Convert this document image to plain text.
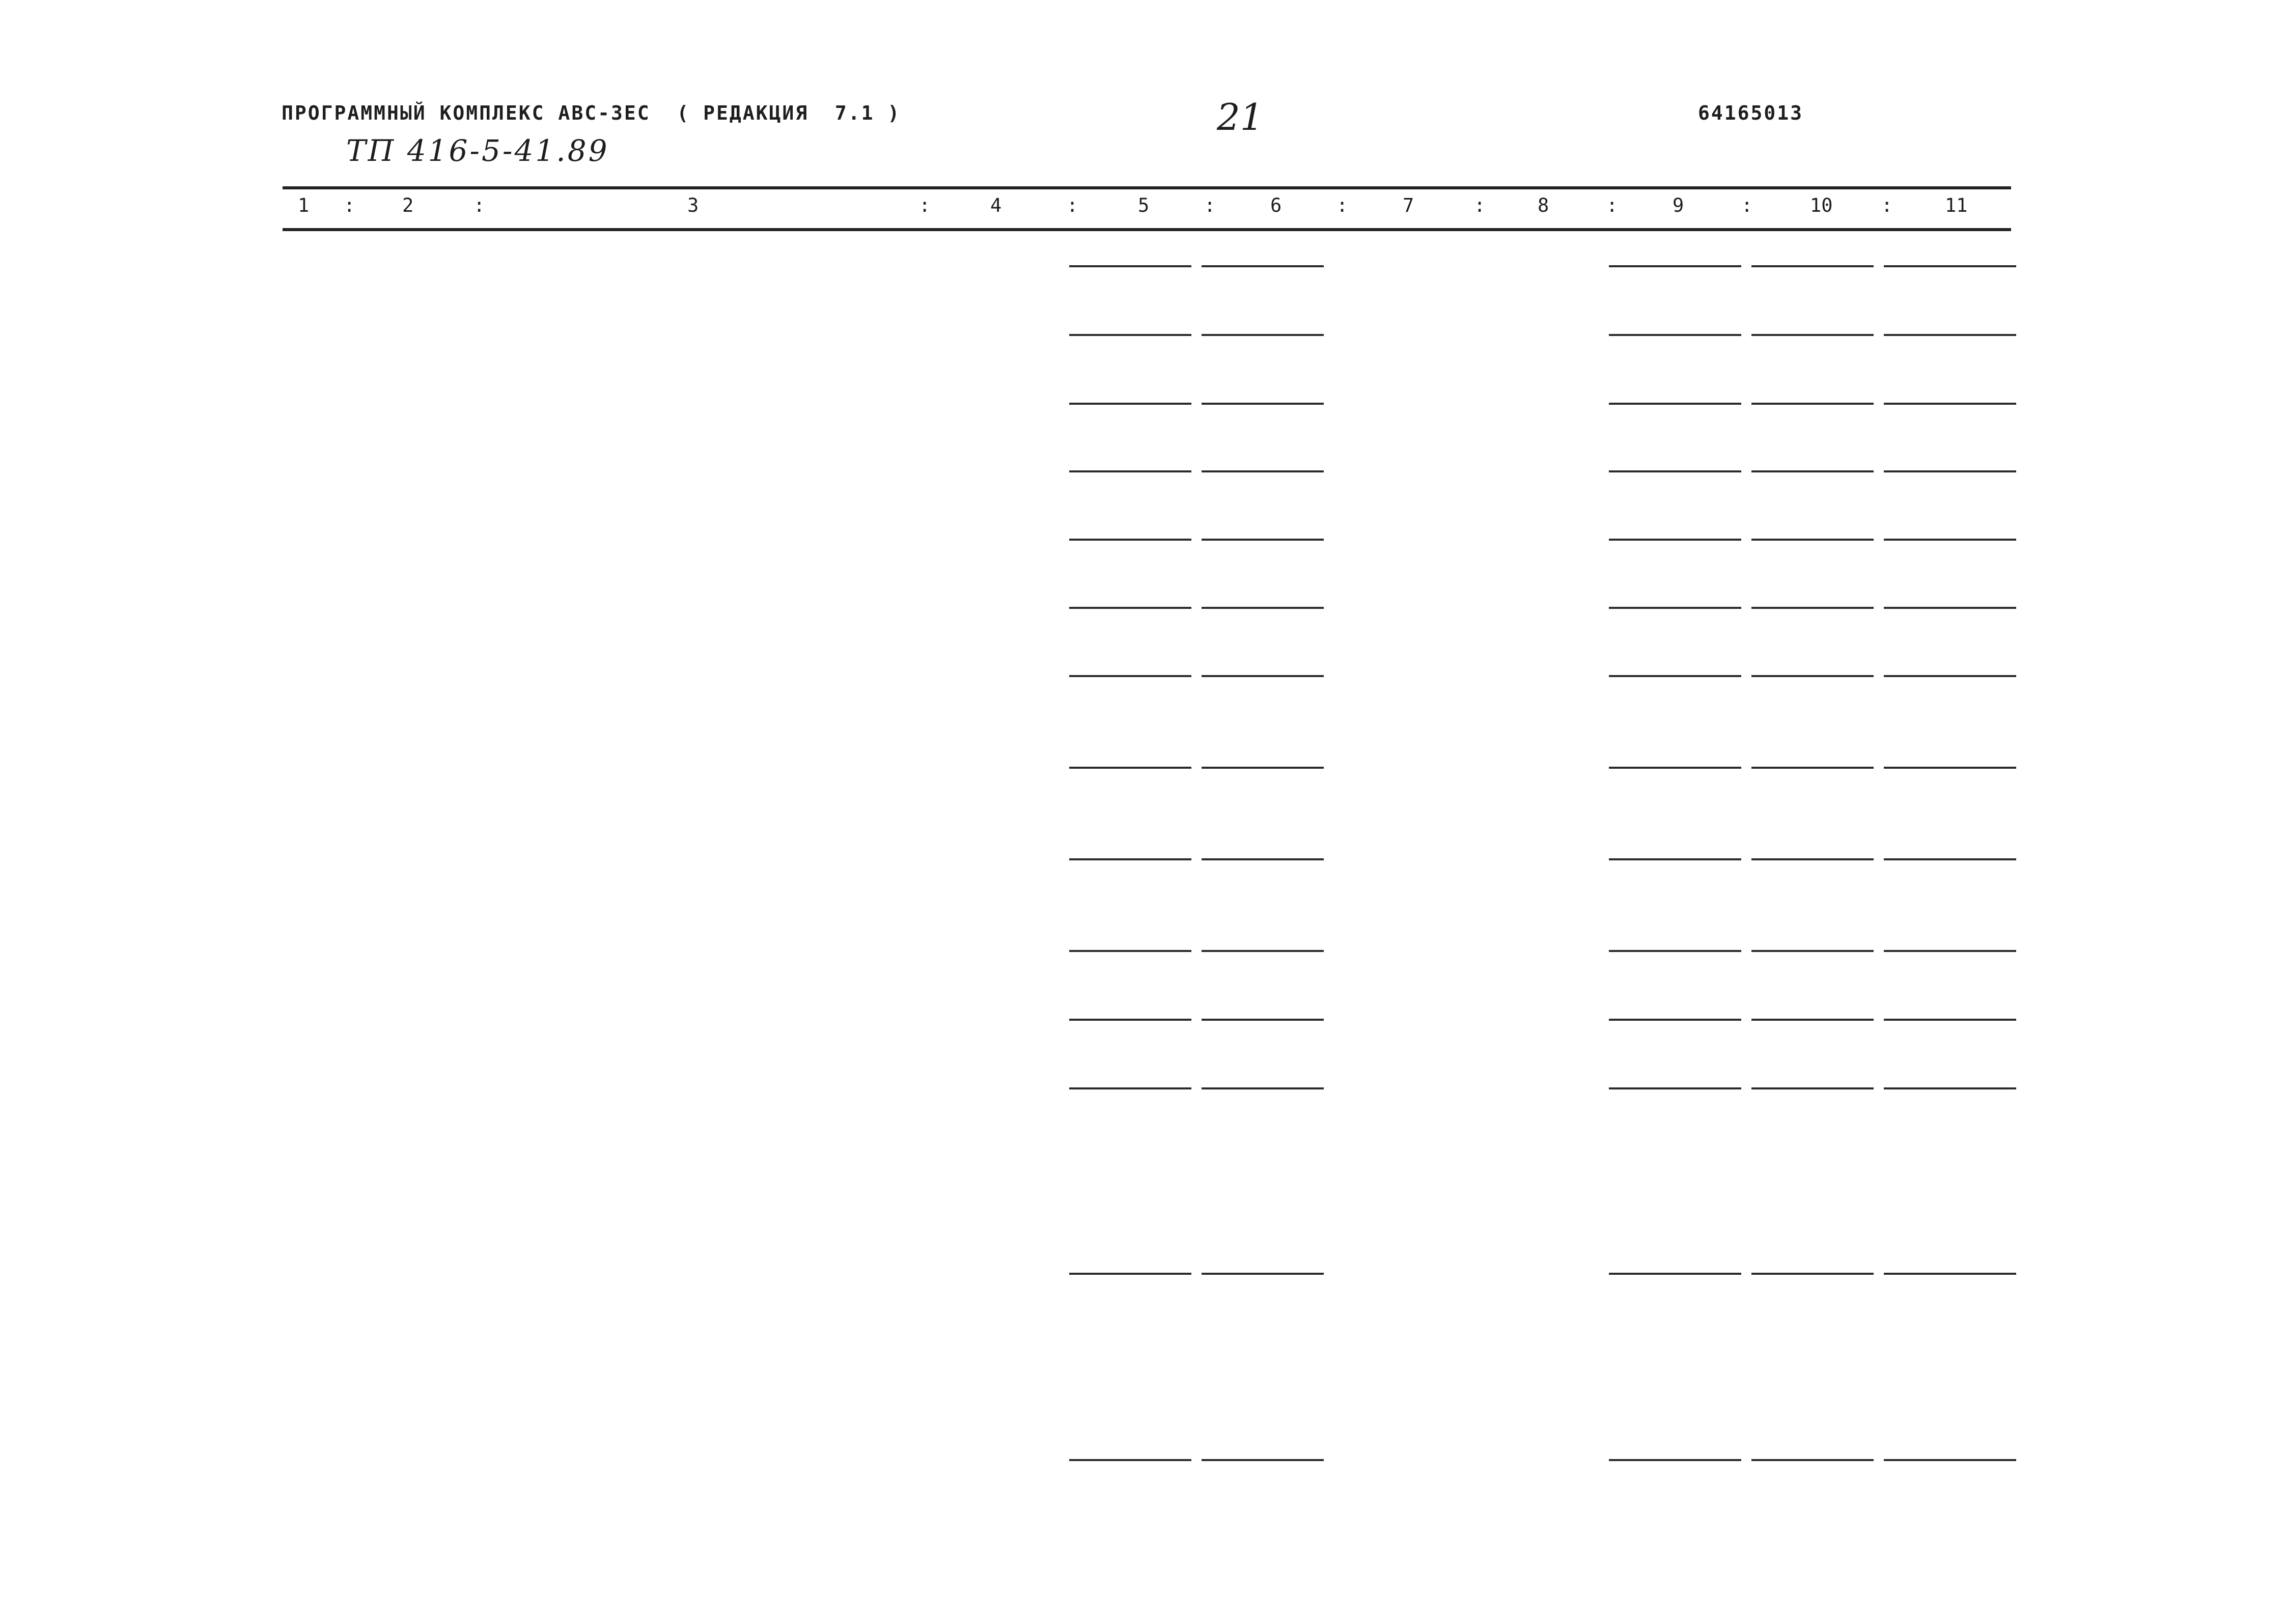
ПРОГРАММНЫЙ КОМПЛЕКС АВС-3ЕС  ( РЕДАКЦИЯ  7.1 )	21	64165013
ТП 416-5-41.89
1 :	2	:	3	:	4	:	5	:	6	:	7	:	8	:	9	:	10	:	11
